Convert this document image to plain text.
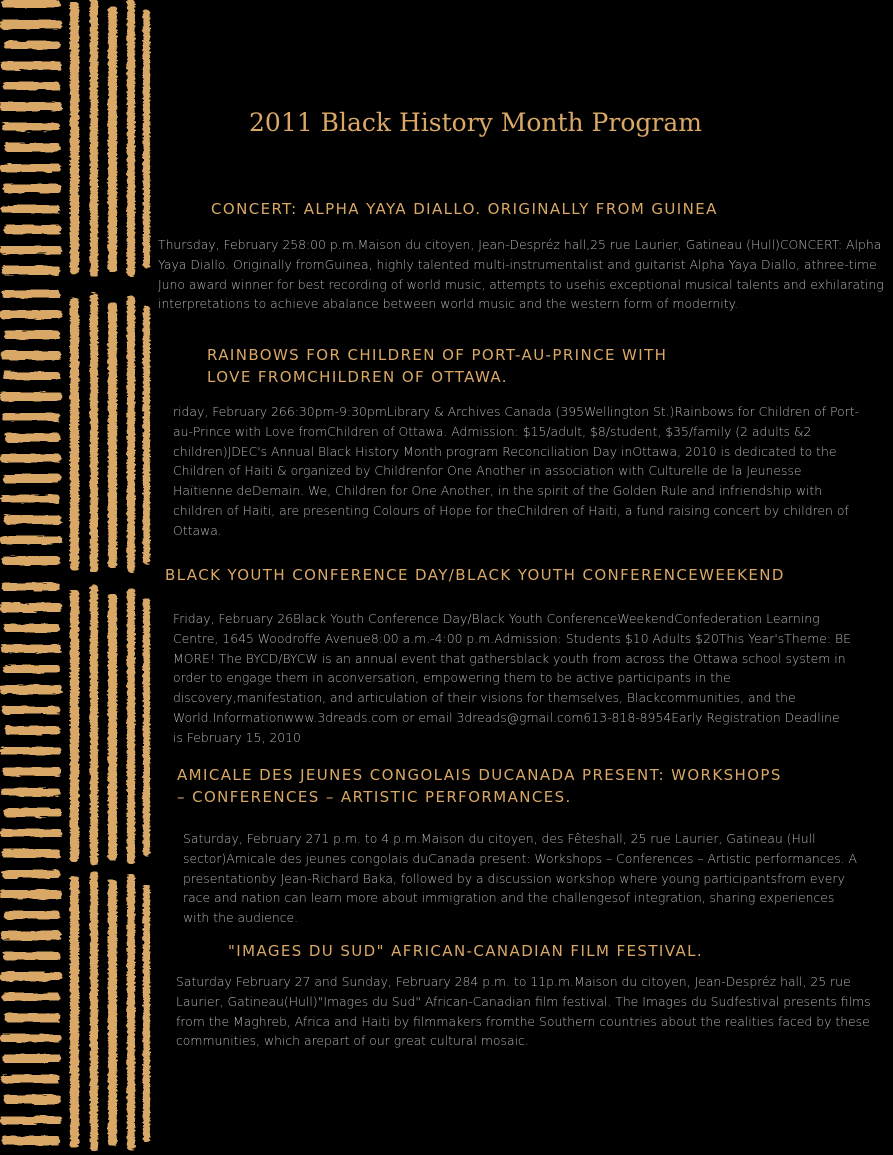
2011 Black History Month Program
CONCERT: ALPHA YAYA DIALLO. ORIGINALLY FROM GUINEA

Thursday, February 258:00 p.m.Maison du citoyen, Jean-Despréz hall,25 rue Laurier, Gatineau (Hull)CONCERT: Alpha Yaya Diallo. Originally fromGuinea, highly talented multi-instrumentalist and guitarist Alpha Yaya Diallo, athree-time Juno award winner for best recording of world music, attempts to usehis exceptional musical talents and exhilarating interpretations to achieve abalance between world music and the western form of modernity.

RAINBOWS FOR CHILDREN OF PORT-AU-PRINCE WITH
LOVE FROMCHILDREN OF OTTAWA.

riday, February 266:30pm-9:30pmLibrary & Archives Canada (395Wellington St.)Rainbows for Children of Port-au-Prince with Love fromChildren of Ottawa. Admission: $15/adult, $8/student, $35/family (2 adults &2 children)JDEC's Annual Black History Month program Reconciliation Day inOttawa, 2010 is dedicated to the Children of Haiti & organized by Childrenfor One Another in association with Culturelle de la Jeunesse Haïtienne deDemain. We, Children for One Another, in the spirit of the Golden Rule and infriendship with children of Haiti, are presenting Colours of Hope for theChildren of Haiti, a fund raising concert by children of Ottawa.

BLACK YOUTH CONFERENCE DAY/BLACK YOUTH CONFERENCEWEEKEND

Friday, February 26Black Youth Conference Day/Black Youth ConferenceWeekendConfederation Learning Centre, 1645 Woodroffe Avenue8:00 a.m.-4:00 p.m.Admission: Students $10 Adults $20This Year'sTheme: BE MORE! The BYCD/BYCW is an annual event that gathersblack youth from across the Ottawa school system in order to engage them in aconversation, empowering them to be active participants in the discovery,manifestation, and articulation of their visions for themselves, Blackcommunities, and the World.Informationwww.3dreads.com or email 3dreads@gmail.com613-818-8954Early Registration Deadline is February 15, 2010

AMICALE DES JEUNES CONGOLAIS DUCANADA PRESENT: WORKSHOPS
– CONFERENCES – ARTISTIC PERFORMANCES.

Saturday, February 271 p.m. to 4 p.m.Maison du citoyen, des Fêteshall, 25 rue Laurier, Gatineau (Hull sector)Amicale des jeunes congolais duCanada present: Workshops – Conferences – Artistic performances. A presentationby Jean-Richard Baka, followed by a discussion workshop where young participantsfrom every race and nation can learn more about immigration and the challengesof integration, sharing experiences with the audience.

"IMAGES DU SUD" AFRICAN-CANADIAN FILM FESTIVAL.

Saturday February 27 and Sunday, February 284 p.m. to 11p.m.Maison du citoyen, Jean-Despréz hall, 25 rue Laurier, Gatineau(Hull)"Images du Sud" African-Canadian film festival. The Images du Sudfestival presents films from the Maghreb, Africa and Haiti by filmmakers fromthe Southern countries about the realities faced by these communities, which arepart of our great cultural mosaic.
